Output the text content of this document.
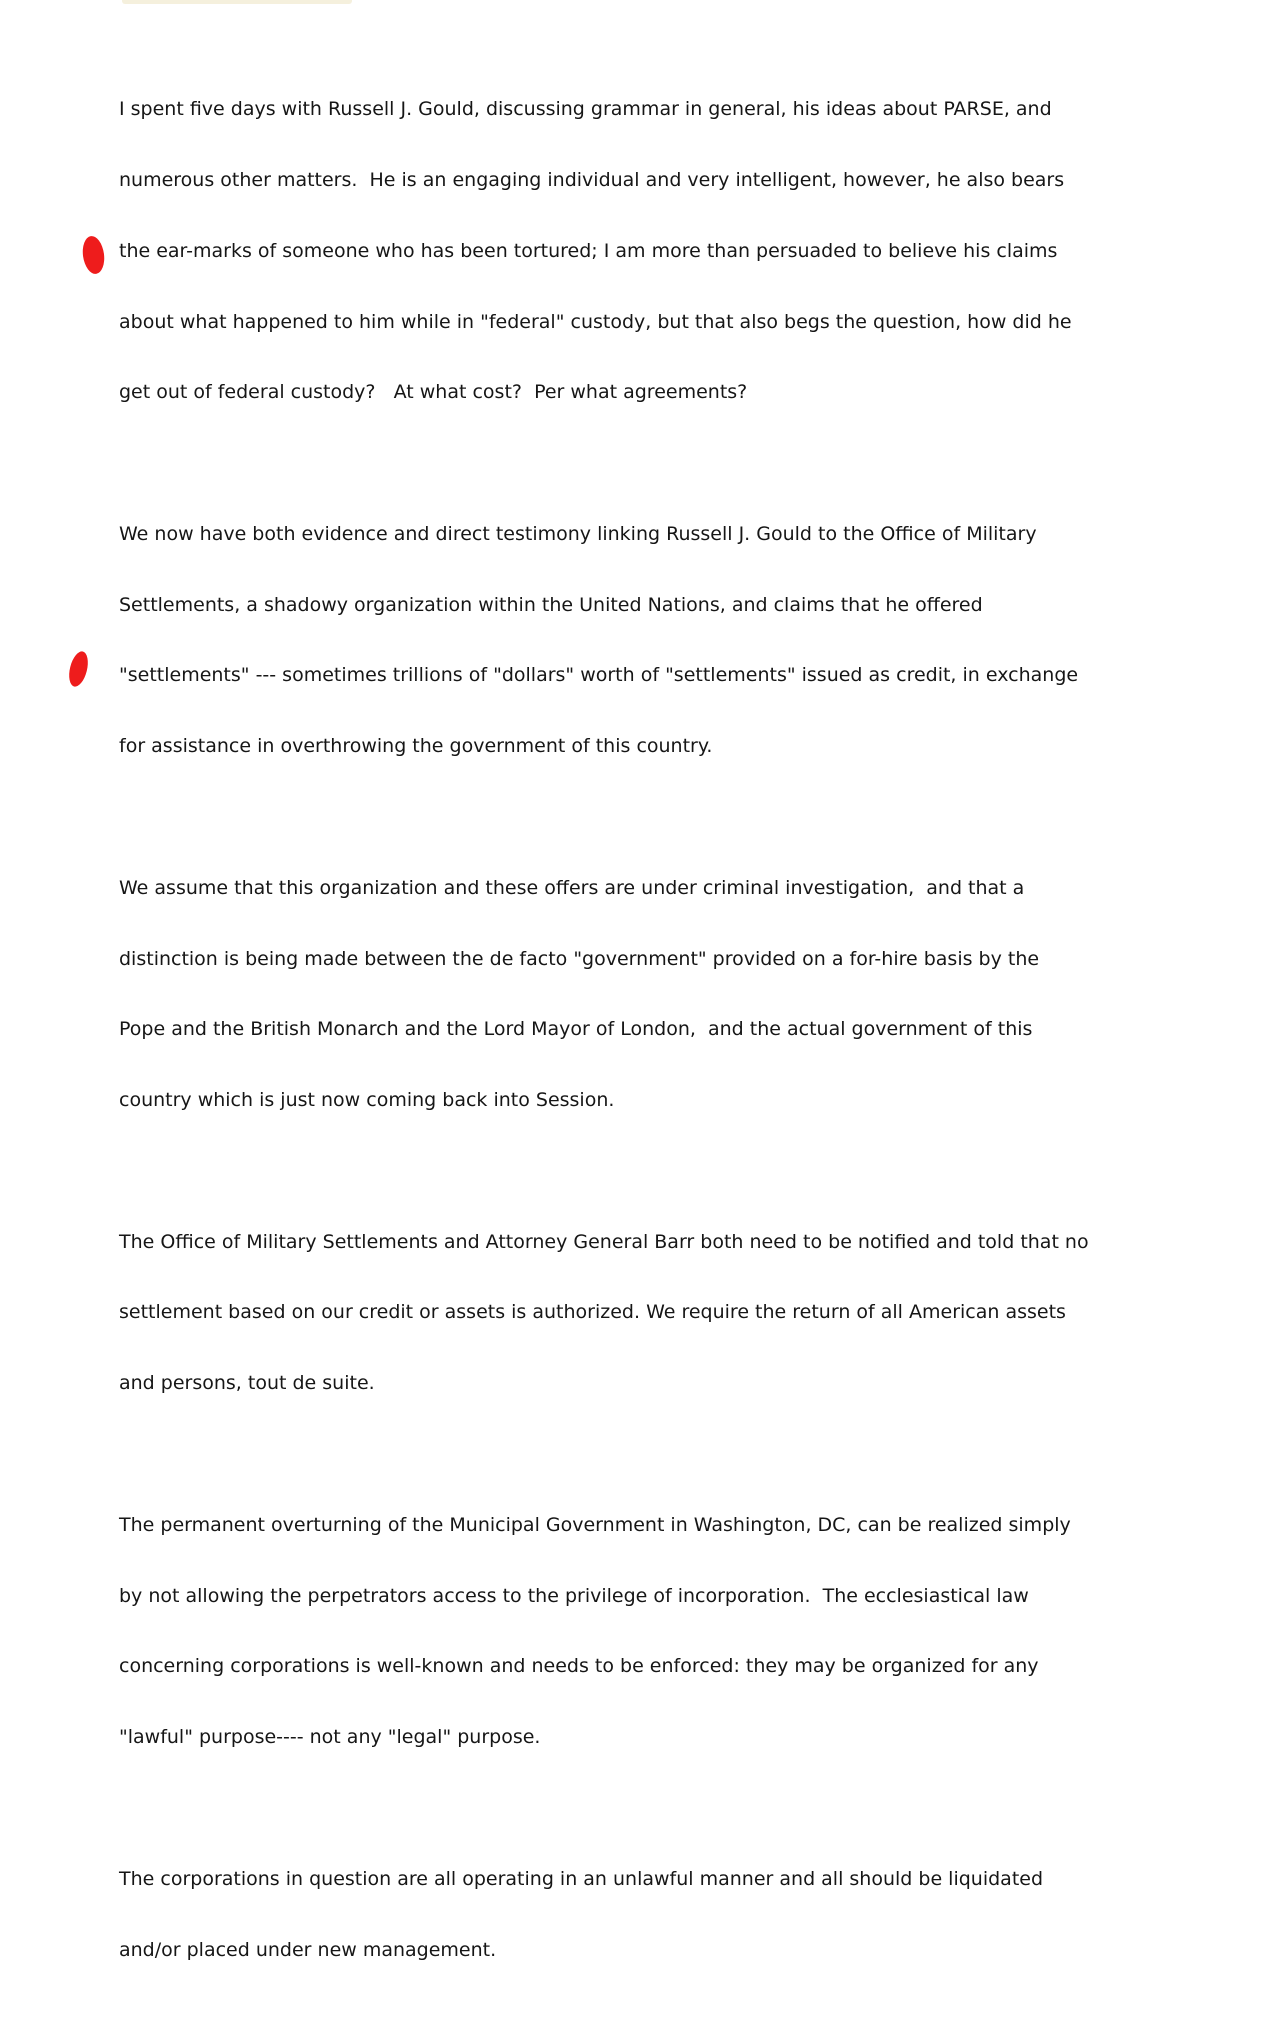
I spent five days with Russell J. Gould, discussing grammar in general, his ideas about PARSE, and

numerous other matters.  He is an engaging individual and very intelligent, however, he also bears

the ear-marks of someone who has been tortured; I am more than persuaded to believe his claims

about what happened to him while in "federal" custody, but that also begs the question, how did he

get out of federal custody?   At what cost?  Per what agreements?

We now have both evidence and direct testimony linking Russell J. Gould to the Office of Military

Settlements, a shadowy organization within the United Nations, and claims that he offered

"settlements" --- sometimes trillions of "dollars" worth of "settlements" issued as credit, in exchange

for assistance in overthrowing the government of this country.

We assume that this organization and these offers are under criminal investigation,  and that a

distinction is being made between the de facto "government" provided on a for-hire basis by the

Pope and the British Monarch and the Lord Mayor of London,  and the actual government of this

country which is just now coming back into Session.

The Office of Military Settlements and Attorney General Barr both need to be notified and told that no

settlement based on our credit or assets is authorized. We require the return of all American assets

and persons, tout de suite.

The permanent overturning of the Municipal Government in Washington, DC, can be realized simply

by not allowing the perpetrators access to the privilege of incorporation.  The ecclesiastical law

concerning corporations is well-known and needs to be enforced: they may be organized for any

"lawful" purpose---- not any "legal" purpose.

The corporations in question are all operating in an unlawful manner and all should be liquidated

and/or placed under new management.
